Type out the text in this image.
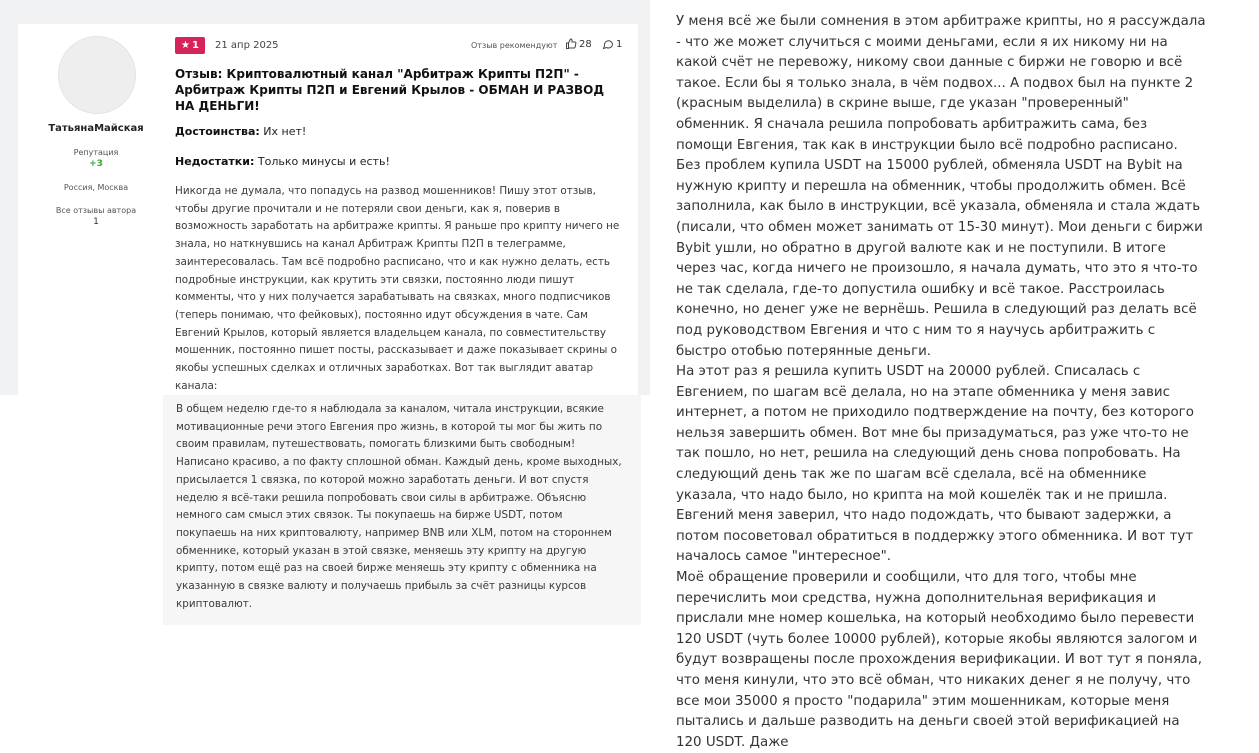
ТатьянаМайская
Репутация
+3
Россия, Москва
Все отзывы автора
1
★ 1	21 апр 2025	Отзыв рекомендуют 28 1
Отзыв: Криптовалютный канал "Арбитраж Крипты П2П" - Арбитраж Крипты П2П и Евгений Крылов - ОБМАН И РАЗВОД НА ДЕНЬГИ!
Достоинства: Их нет!
Недостатки: Только минусы и есть!
Никогда не думала, что попадусь на развод мошенников! Пишу этот отзыв, чтобы другие прочитали и не потеряли свои деньги, как я, поверив в возможность заработать на арбитраже крипты. Я раньше про крипту ничего не знала, но наткнувшись на канал Арбитраж Крипты П2П в телеграмме, заинтересовалась. Там всё подробно расписано, что и как нужно делать, есть подробные инструкции, как крутить эти связки, постоянно люди пишут комменты, что у них получается зарабатывать на связках, много подписчиков (теперь понимаю, что фейковых), постоянно идут обсуждения в чате. Сам Евгений Крылов, который является владельцем канала, по совместительству мошенник, постоянно пишет посты, рассказывает и даже показывает скрины о якобы успешных сделках и отличных заработках. Вот так выглядит аватар канала:
В общем неделю где-то я наблюдала за каналом, читала инструкции, всякие мотивационные речи этого Евгения про жизнь, в которой ты мог бы жить по своим правилам, путешествовать, помогать близкими быть свободным! Написано красиво, а по факту сплошной обман. Каждый день, кроме выходных, присылается 1 связка, по которой можно заработать деньги. И вот спустя неделю я всё-таки решила попробовать свои силы в арбитраже. Объясню немного сам смысл этих связок. Ты покупаешь на бирже USDT, потом покупаешь на них криптовалюту, например BNB или XLM, потом на стороннем обменнике, который указан в этой связке, меняешь эту крипту на другую крипту, потом ещё раз на своей бирже меняешь эту крипту с обменника на указанную в связке валюту и получаешь прибыль за счёт разницы курсов криптовалют.

У меня всё же были сомнения в этом арбитраже крипты, но я рассуждала - что же может случиться с моими деньгами, если я их никому ни на какой счёт не перевожу, никому свои данные с биржи не говорю и всё такое. Если бы я только знала, в чём подвох... А подвох был на пункте 2 (красным выделила) в скрине выше, где указан "проверенный" обменник. Я сначала решила попробовать арбитражить сама, без помощи Евгения, так как в инструкции было всё подробно расписано. Без проблем купила USDT на 15000 рублей, обменяла USDT на Bybit на нужную крипту и перешла на обменник, чтобы продолжить обмен. Всё заполнила, как было в инструкции, всё указала, обменяла и стала ждать (писали, что обмен может занимать от 15-30 минут). Мои деньги с биржи Bybit ушли, но обратно в другой валюте как и не поступили. В итоге через час, когда ничего не произошло, я начала думать, что это я что-то не так сделала, где-то допустила ошибку и всё такое. Расстроилась конечно, но денег уже не вернёшь. Решила в следующий раз делать всё под руководством Евгения и что с ним то я научусь арбитражить с быстро отобью потерянные деньги.

На этот раз я решила купить USDT на 20000 рублей. Списалась с Евгением, по шагам всё делала, но на этапе обменника у меня завис интернет, а потом не приходило подтверждение на почту, без которого нельзя завершить обмен. Вот мне бы призадуматься, раз уже что-то не так пошло, но нет, решила на следующий день снова попробовать. На следующий день так же по шагам всё сделала, всё на обменнике указала, что надо было, но крипта на мой кошелёк так и не пришла. Евгений меня заверил, что надо подождать, что бывают задержки, а потом посоветовал обратиться в поддержку этого обменника. И вот тут началось самое "интересное".

Моё обращение проверили и сообщили, что для того, чтобы мне перечислить мои средства, нужна дополнительная верификация и прислали мне номер кошелька, на который необходимо было перевести 120 USDT (чуть более 10000 рублей), которые якобы являются залогом и будут возвращены после прохождения верификации. И вот тут я поняла, что меня кинули, что это всё обман, что никаких денег я не получу, что все мои 35000 я просто "подарила" этим мошенникам, которые меня пытались и дальше разводить на деньги своей этой верификацией на 120 USDT. Даже
